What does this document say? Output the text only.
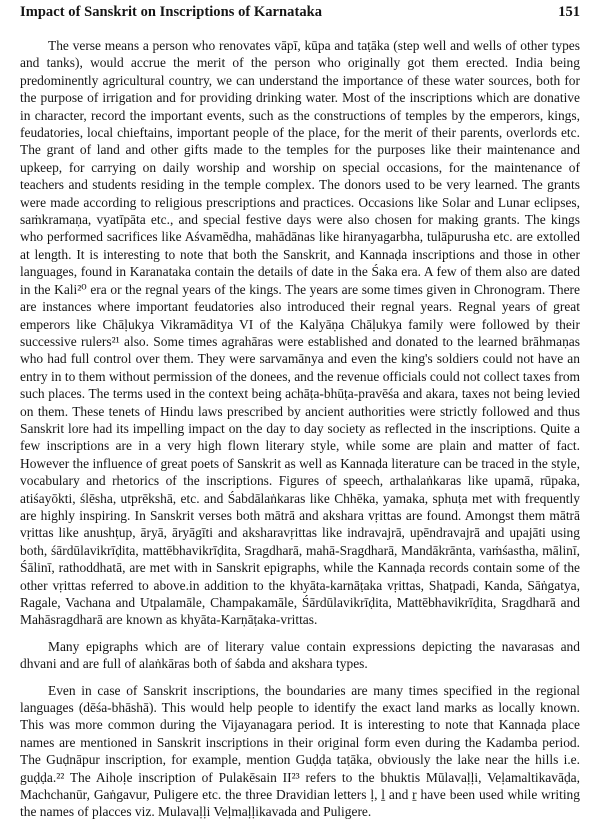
Impact of Sanskrit on Inscriptions of Karnataka	151

The verse means a person who renovates vāpī, kūpa and taṭāka (step well and wells of other types and tanks), would accrue the merit of the person who originally got them erected. India being predominently agricultural country, we can understand the importance of these water sources, both for the purpose of irrigation and for providing drinking water. Most of the inscriptions which are donative in character, record the important events, such as the constructions of temples by the emperors, kings, feudatories, local chieftains, important people of the place, for the merit of their parents, overlords etc. The grant of land and other gifts made to the temples for the purposes like their maintenance and upkeep, for carrying on daily worship and worship on special occasions, for the maintenance of teachers and students residing in the temple complex. The donors used to be very learned. The grants were made according to religious prescriptions and practices. Occasions like Solar and Lunar eclipses, saṁkramaṇa, vyatīpāta etc., and special festive days were also chosen for making grants. The kings who performed sacrifices like Aśvamēdha, mahādānas like hiranyagarbha, tulāpurusha etc. are extolled at length. It is interesting to note that both the Sanskrit, and Kannaḍa inscriptions and those in other languages, found in Karanataka contain the details of date in the Śaka era. A few of them also are dated in the Kali²⁰ era or the regnal years of the kings. The years are some times given in Chronogram. There are instances where important feudatories also introduced their regnal years. Regnal years of great emperors like Chāḷukya Vikramāditya VI of the Kalyāṇa Chāḷukya family were followed by their successive rulers²¹ also. Some times agrahāras were established and donated to the learned brāhmaṇas who had full control over them. They were sarvamānya and even the king's soldiers could not have an entry in to them without permission of the donees, and the revenue officials could not collect taxes from such places. The terms used in the context being achāṭa-bhūṭa-pravēśa and akara, taxes not being levied on them. These tenets of Hindu laws prescribed by ancient authorities were strictly followed and thus Sanskrit lore had its impelling impact on the day to day society as reflected in the inscriptions. Quite a few inscriptions are in a very high flown literary style, while some are plain and matter of fact. However the influence of great poets of Sanskrit as well as Kannaḍa literature can be traced in the style, vocabulary and rhetorics of the inscriptions. Figures of speech, arthalaṅkaras like upamā, rūpaka, atiśayōkti, ślēsha, utprēkshā, etc. and Śabdālaṅkaras like Chhēka, yamaka, sphuṭa met with frequently are highly inspiring. In Sanskrit verses both mātrā and akshara vṛittas are found. Amongst them mātrā vṛittas like anushṭup, āryā, āryāgīti and aksharavṛittas like indravajrā, upēndravajrā and upajāti using both, śārdūlavikrīḍita, mattēbhavikrīḍita, Sragdharā, mahā-Sragdharā, Mandākrānta, vaṁśastha, mālinī, Śālinī, rathoddhatā, are met with in Sanskrit epigraphs, while the Kannaḍa records contain some of the other vṛittas referred to above.in addition to the khyāta-karnāṭaka vṛittas, Shaṭpadi, Kanda, Sāṅgatya, Ragale, Vachana and Utpalamāle, Champakamāle, Śārdūlavikrīḍita, Mattēbhavikrīḍita, Sragdharā and Mahāsragdharā are known as khyāta-Karṇāṭaka-vrittas.

Many epigraphs which are of literary value contain expressions depicting the navarasas and dhvani and are full of alaṅkāras both of śabda and akshara types.

Even in case of Sanskrit inscriptions, the boundaries are many times specified in the regional languages (dēśa-bhāshā). This would help people to identify the exact land marks as locally known. This was more common during the Vijayanagara period. It is interesting to note that Kannaḍa place names are mentioned in Sanskrit inscriptions in their original form even during the Kadamba period. The Guḍnāpur inscription, for example, mention Guḍḍa taṭāka, obviously the lake near the hills i.e. guḍḍa.²² The Aihoḷe inscription of Pulakēsain II²³ refers to the bhuktis Mūlavaḷḷi, Veḷamaltikavāḍa, Machchanūr, Gaṅgavur, Puligere etc. the three Dravidian letters ḷ, ḻ and ṟ have been used while writing the names of placces viz. Mulavaḷḷi Veḷmaḷḷikavada and Puligere.
